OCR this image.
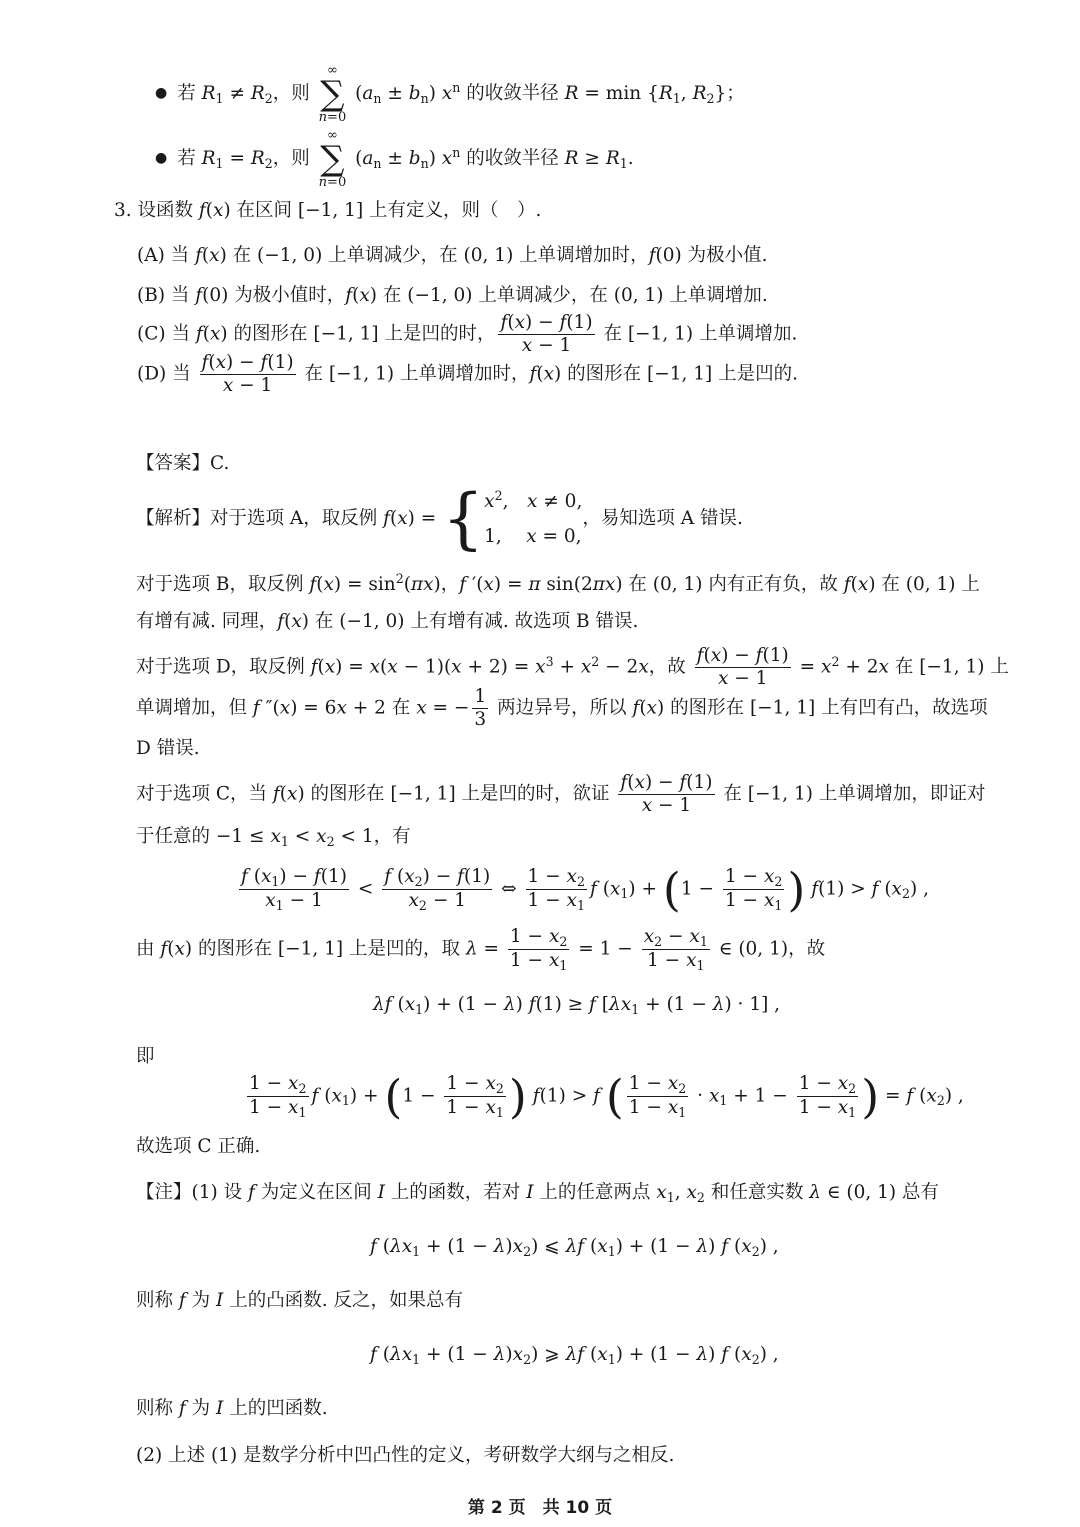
● 若 $R_1 \ne R_2$，则
∞
∑
n=0
$(a_n \pm b_n)$ $x^n$ 的收敛半径 $R = \min \{R_1$, $R_2$}；
● 若 $R_1 = R_2$，则
∞
∑
n=0
$(a_n \pm b_n)$ $x^n$ 的收敛半径 $R \ge R_1$.
3. 设函数 f(x) 在区间 [−1, 1] 上有定义，则（　）.
(A) 当 f(x) 在 (−1, 0) 上单调减少，在 (0, 1) 上单调增加时，f(0) 为极小值.
(B) 当 f(0) 为极小值时，f(x) 在 (−1, 0) 上单调减少，在 (0, 1) 上单调增加.
(C) 当 f(x) 的图形在 [−1, 1] 上是凹的时， $\frac{f(x) - f(1)}{x - 1}$ 在 [−1, 1) 上单调增加.
(D) 当 $\frac{f(x) - f(1)}{x - 1}$ 在 [−1, 1) 上单调增加时，f(x) 的图形在 [−1, 1] 上是凹的.
【答案】C.
【解析】对于选项 A，取反例 f(x) = { $x^2$,　x ≠ 0,
1,　 x = 0,
，易知选项 A 错误.
对于选项 B，取反例 $f(x) = \sin^2(\pi x)$，f ′(x) = π sin(2πx) 在 (0, 1) 内有正有负，故 f(x) 在 (0, 1) 上
有增有减. 同理，f(x) 在 (−1, 0) 上有增有减. 故选项 B 错误.
对于选项 D，取反例 $f(x) = x(x - 1)(x + 2) = x^3 + x^2 - 2x$，故 $\frac{f(x) - f(1)}{x - 1} = x^2 + 2x$ 在 [−1, 1) 上
单调增加，但 f ″(x) = 6x + 2 在 x = − $\frac{1}{3}$ 两边异号，所以 f(x) 的图形在 [−1, 1] 上有凹有凸，故选项
D 错误.
对于选项 C，当 f(x) 的图形在 [−1, 1] 上是凹的时，欲证 $\frac{f(x) - f(1)}{x - 1}$ 在 [−1, 1) 上单调增加，即证对
于任意的 $-1 \le x_1 < x_2 < 1$，有
$\frac{f (x_1) - f(1)}{x_1 - 1} < \frac{f (x_2) - f(1)}{x_2 - 1}$ ⇔ $\frac{1 - x_2}{1 - x_1}$ f $(x_1) + (1 - \frac{1 - x_2}{1 - x_1}$ ) f(1) > f $(x_2)$ ,
由 f(x) 的图形在 [−1, 1] 上是凹的，取 $\lambda = \frac{1 - x_2}{1 - x_1} = 1 - \frac{x_2 - x_1}{1 - x_1}$ ∈ (0, 1)，故
λf $(x_1) + (1 - \lambda) f(1) \ge f$ $[\lambda x_1 + (1 - \lambda) \cdot 1]$ ,
即
$\frac{1 - x_2}{1 - x_1}$ f $(x_1) + (1 - \frac{1 - x_2}{1 - x_1}$ ) f(1) > f ( $\frac{1 - x_2}{1 - x_1} \cdot x_1 + 1 - \frac{1 - x_2}{1 - x_1}$ ) = f $(x_2)$ ,
故选项 C 正确.
【注】(1) 设 f 为定义在区间 I 上的函数，若对 I 上的任意两点 $x_1$, $x_2$ 和任意实数 λ ∈ (0, 1) 总有
f $(\lambda x_1 + (1 - \lambda)x_2)$ ⩽ λf $(x_1) + (1 - \lambda)$ f $(x_2)$ ,
则称 f 为 I 上的凸函数. 反之，如果总有
f $(\lambda x_1 + (1 - \lambda)x_2)$ ⩾ λf $(x_1) + (1 - \lambda)$ f $(x_2)$ ,
则称 f 为 I 上的凹函数.
(2) 上述 (1) 是数学分析中凹凸性的定义，考研数学大纲与之相反.
第 2 页　共 10 页
